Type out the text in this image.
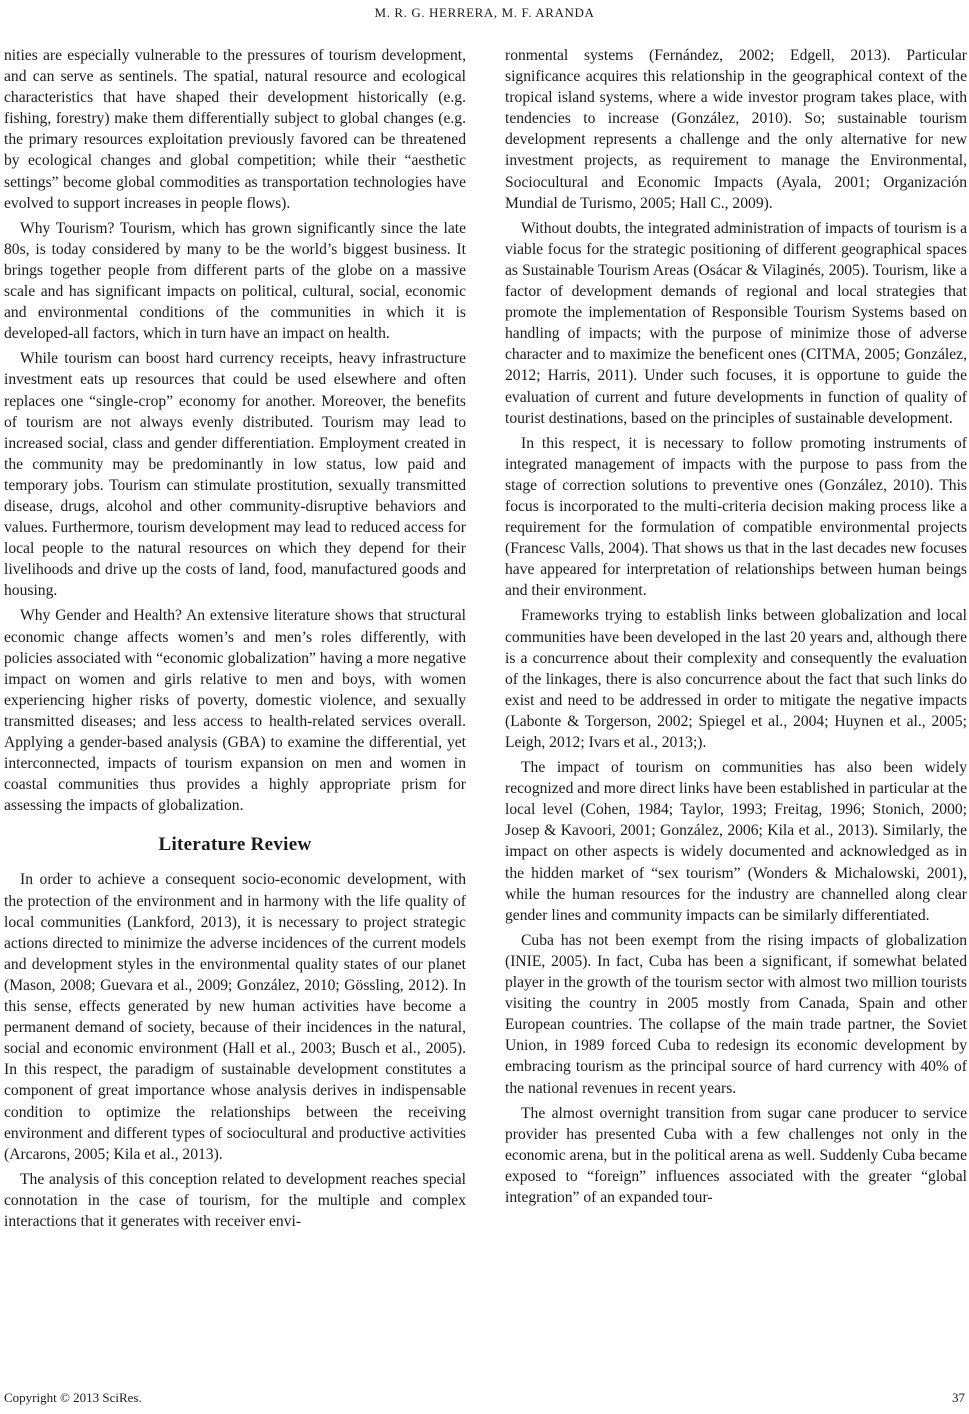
M. R. G. HERRERA, M. F. ARANDA

nities are especially vulnerable to the pressures of tourism development, and can serve as sentinels. The spatial, natural resource and ecological characteristics that have shaped their development historically (e.g. fishing, forestry) make them differentially subject to global changes (e.g. the primary resources exploitation previously favored can be threatened by ecological changes and global competition; while their “aesthetic settings” become global commodities as transportation technologies have evolved to support increases in people flows).

Why Tourism? Tourism, which has grown significantly since the late 80s, is today considered by many to be the world’s biggest business. It brings together people from different parts of the globe on a massive scale and has significant impacts on political, cultural, social, economic and environmental conditions of the communities in which it is developed-all factors, which in turn have an impact on health.

While tourism can boost hard currency receipts, heavy infrastructure investment eats up resources that could be used elsewhere and often replaces one “single-crop” economy for another. Moreover, the benefits of tourism are not always evenly distributed. Tourism may lead to increased social, class and gender differentiation. Employment created in the community may be predominantly in low status, low paid and temporary jobs. Tourism can stimulate prostitution, sexually transmitted disease, drugs, alcohol and other community-disruptive behaviors and values. Furthermore, tourism development may lead to reduced access for local people to the natural resources on which they depend for their livelihoods and drive up the costs of land, food, manufactured goods and housing.

Why Gender and Health? An extensive literature shows that structural economic change affects women’s and men’s roles differently, with policies associated with “economic globalization” having a more negative impact on women and girls relative to men and boys, with women experiencing higher risks of poverty, domestic violence, and sexually transmitted diseases; and less access to health-related services overall. Applying a gender-based analysis (GBA) to examine the differential, yet interconnected, impacts of tourism expansion on men and women in coastal communities thus provides a highly appropriate prism for assessing the impacts of globalization.

Literature Review

In order to achieve a consequent socio-economic development, with the protection of the environment and in harmony with the life quality of local communities (Lankford, 2013), it is necessary to project strategic actions directed to minimize the adverse incidences of the current models and development styles in the environmental quality states of our planet (Mason, 2008; Guevara et al., 2009; González, 2010; Gössling, 2012). In this sense, effects generated by new human activities have become a permanent demand of society, because of their incidences in the natural, social and economic environment (Hall et al., 2003; Busch et al., 2005). In this respect, the paradigm of sustainable development constitutes a component of great importance whose analysis derives in indispensable condition to optimize the relationships between the receiving environment and different types of sociocultural and productive activities (Arcarons, 2005; Kila et al., 2013).

The analysis of this conception related to development reaches special connotation in the case of tourism, for the multiple and complex interactions that it generates with receiver envi-

ronmental systems (Fernández, 2002; Edgell, 2013). Particular significance acquires this relationship in the geographical context of the tropical island systems, where a wide investor program takes place, with tendencies to increase (González, 2010). So; sustainable tourism development represents a challenge and the only alternative for new investment projects, as requirement to manage the Environmental, Sociocultural and Economic Impacts (Ayala, 2001; Organización Mundial de Turismo, 2005; Hall C., 2009).

Without doubts, the integrated administration of impacts of tourism is a viable focus for the strategic positioning of different geographical spaces as Sustainable Tourism Areas (Osácar & Vilaginés, 2005). Tourism, like a factor of development demands of regional and local strategies that promote the implementation of Responsible Tourism Systems based on handling of impacts; with the purpose of minimize those of adverse character and to maximize the beneficent ones (CITMA, 2005; González, 2012; Harris, 2011). Under such focuses, it is opportune to guide the evaluation of current and future developments in function of quality of tourist destinations, based on the principles of sustainable development.

In this respect, it is necessary to follow promoting instruments of integrated management of impacts with the purpose to pass from the stage of correction solutions to preventive ones (González, 2010). This focus is incorporated to the multi-criteria decision making process like a requirement for the formulation of compatible environmental projects (Francesc Valls, 2004). That shows us that in the last decades new focuses have appeared for interpretation of relationships between human beings and their environment.

Frameworks trying to establish links between globalization and local communities have been developed in the last 20 years and, although there is a concurrence about their complexity and consequently the evaluation of the linkages, there is also concurrence about the fact that such links do exist and need to be addressed in order to mitigate the negative impacts (Labonte & Torgerson, 2002; Spiegel et al., 2004; Huynen et al., 2005; Leigh, 2012; Ivars et al., 2013;).

The impact of tourism on communities has also been widely recognized and more direct links have been established in particular at the local level (Cohen, 1984; Taylor, 1993; Freitag, 1996; Stonich, 2000; Josep & Kavoori, 2001; González, 2006; Kila et al., 2013). Similarly, the impact on other aspects is widely documented and acknowledged as in the hidden market of “sex tourism” (Wonders & Michalowski, 2001), while the human resources for the industry are channelled along clear gender lines and community impacts can be similarly differentiated.

Cuba has not been exempt from the rising impacts of globalization (INIE, 2005). In fact, Cuba has been a significant, if somewhat belated player in the growth of the tourism sector with almost two million tourists visiting the country in 2005 mostly from Canada, Spain and other European countries. The collapse of the main trade partner, the Soviet Union, in 1989 forced Cuba to redesign its economic development by embracing tourism as the principal source of hard currency with 40% of the national revenues in recent years.

The almost overnight transition from sugar cane producer to service provider has presented Cuba with a few challenges not only in the economic arena, but in the political arena as well. Suddenly Cuba became exposed to “foreign” influences associated with the greater “global integration” of an expanded tour-

Copyright © 2013 SciRes.	37
